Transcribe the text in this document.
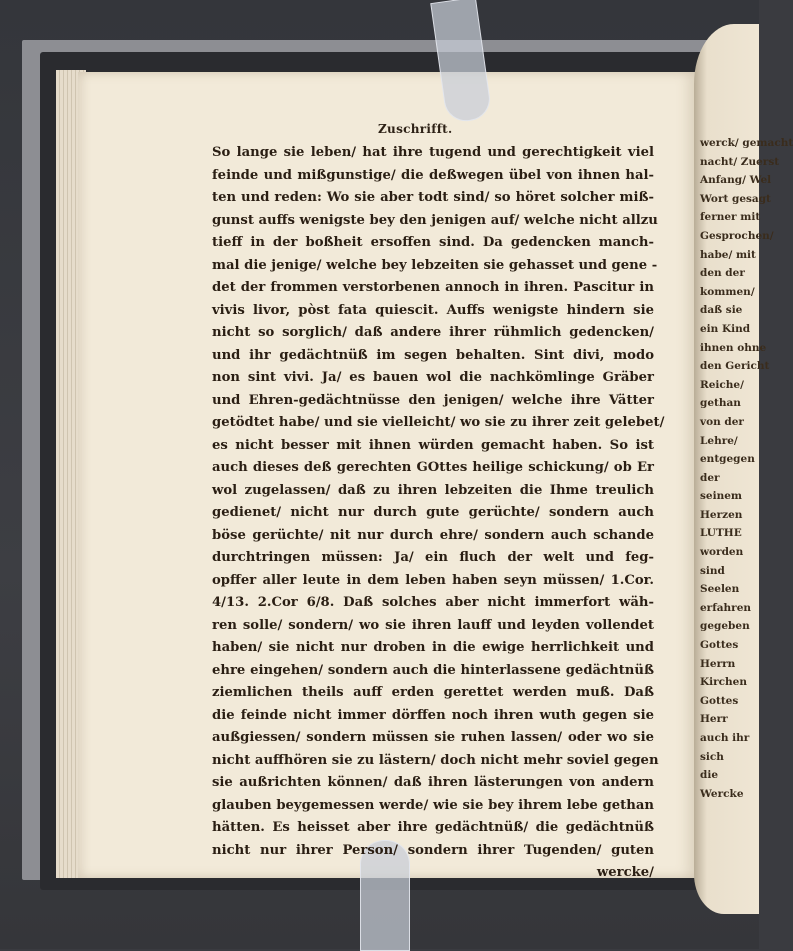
werck/ gemacht
nacht/ Zuerst
Anfang/ Wel
Wort gesagt
ferner mit
Gesprochen/
habe/ mit
den der
kommen/
daß sie
ein Kind
ihnen ohne
den Gericht
Reiche/
gethan
von der
Lehre/
entgegen
der
seinem
Herzen
LUTHE
worden
sind
Seelen
erfahren
gegeben
Gottes
Herrn
Kirchen
Gottes
Herr
auch ihr
sich
die
Wercke
Zuschrifft.
So lange sie leben/ hat ihre tugend und gerechtigkeit viel
feinde und mißgunstige/ die deßwegen übel von ihnen hal-
ten und reden: Wo sie aber todt sind/ so höret solcher miß-
gunst auffs wenigste bey den jenigen auf/ welche nicht allzu
tieff in der boßheit ersoffen sind. Da gedencken manch-
mal die jenige/ welche bey lebzeiten sie gehasset und gene -
det der frommen verstorbenen annoch in ihren. Pascitur in
vivis livor, pòst fata quiescit. Auffs wenigste hindern sie
nicht so sorglich/ daß andere ihrer rühmlich gedencken/
und ihr gedächtnüß im segen behalten. Sint divi, modo
non sint vivi. Ja/ es bauen wol die nachkömlinge Gräber
und Ehren-gedächtnüsse den jenigen/ welche ihre Vätter
getödtet habe/ und sie vielleicht/ wo sie zu ihrer zeit gelebet/
es nicht besser mit ihnen würden gemacht haben. So ist
auch dieses deß gerechten GOttes heilige schickung/ ob Er
wol zugelassen/ daß zu ihren lebzeiten die Ihme treulich
gedienet/ nicht nur durch gute gerüchte/ sondern auch
böse gerüchte/ nit nur durch ehre/ sondern auch schande
durchtringen müssen: Ja/ ein fluch der welt und feg-
opffer aller leute in dem leben haben seyn müssen/ 1.Cor.
4/13. 2.Cor 6/8. Daß solches aber nicht immerfort wäh-
ren solle/ sondern/ wo sie ihren lauff und leyden vollendet
haben/ sie nicht nur droben in die ewige herrlichkeit und
ehre eingehen/ sondern auch die hinterlassene gedächtnüß
ziemlichen theils auff erden gerettet werden muß. Daß
die feinde nicht immer dörffen noch ihren wuth gegen sie
außgiessen/ sondern müssen sie ruhen lassen/ oder wo sie
nicht auffhören sie zu lästern/ doch nicht mehr soviel gegen
sie außrichten können/ daß ihren lästerungen von andern
glauben beygemessen werde/ wie sie bey ihrem lebe gethan
hätten. Es heisset aber ihre gedächtnüß/ die gedächtnüß
nicht nur ihrer Person/ sondern ihrer Tugenden/ guten
wercke/
